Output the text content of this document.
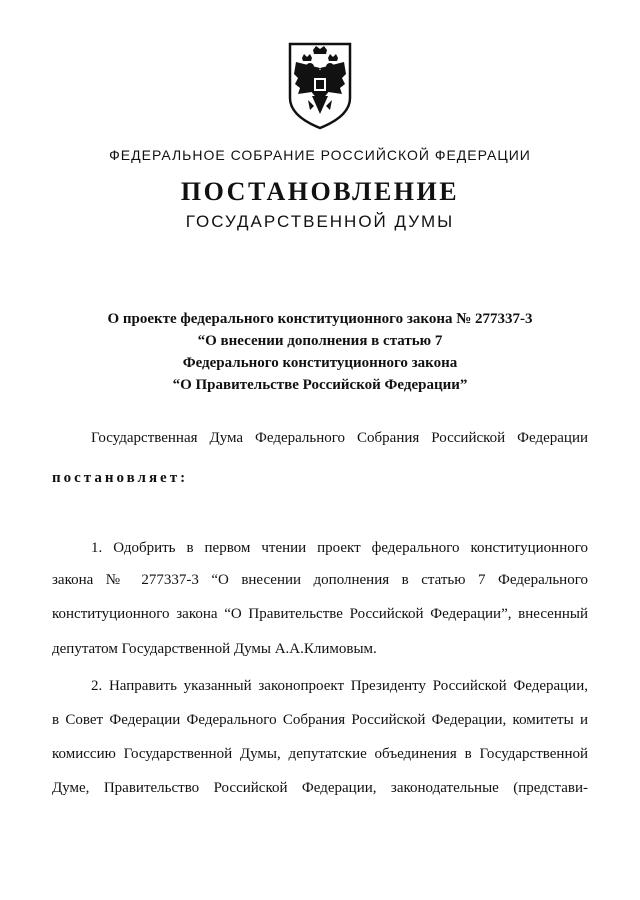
ФЕДЕРАЛЬНОЕ СОБРАНИЕ РОССИЙСКОЙ ФЕДЕРАЦИИ
ПОСТАНОВЛЕНИЕ
ГОСУДАРСТВЕННОЙ ДУМЫ
О проекте федерального конституционного закона № 277337-3
“О внесении дополнения в статью 7
Федерального конституционного закона
“О Правительстве Российской Федерации”
Государственная Дума Федерального Собрания Российской Федерации
постановляет:
1. Одобрить в первом чтении проект федерального конституционного
закона № 277337-3 “О внесении дополнения в статью 7 Федерального
конституционного закона “О Правительстве Российской Федерации”, внесенный
депутатом Государственной Думы А.А.Климовым.
2. Направить указанный законопроект Президенту Российской Федерации,
в Совет Федерации Федерального Собрания Российской Федерации, комитеты и
комиссию Государственной Думы, депутатские объединения в Государственной
Думе, Правительство Российской Федерации, законодательные (представи-
